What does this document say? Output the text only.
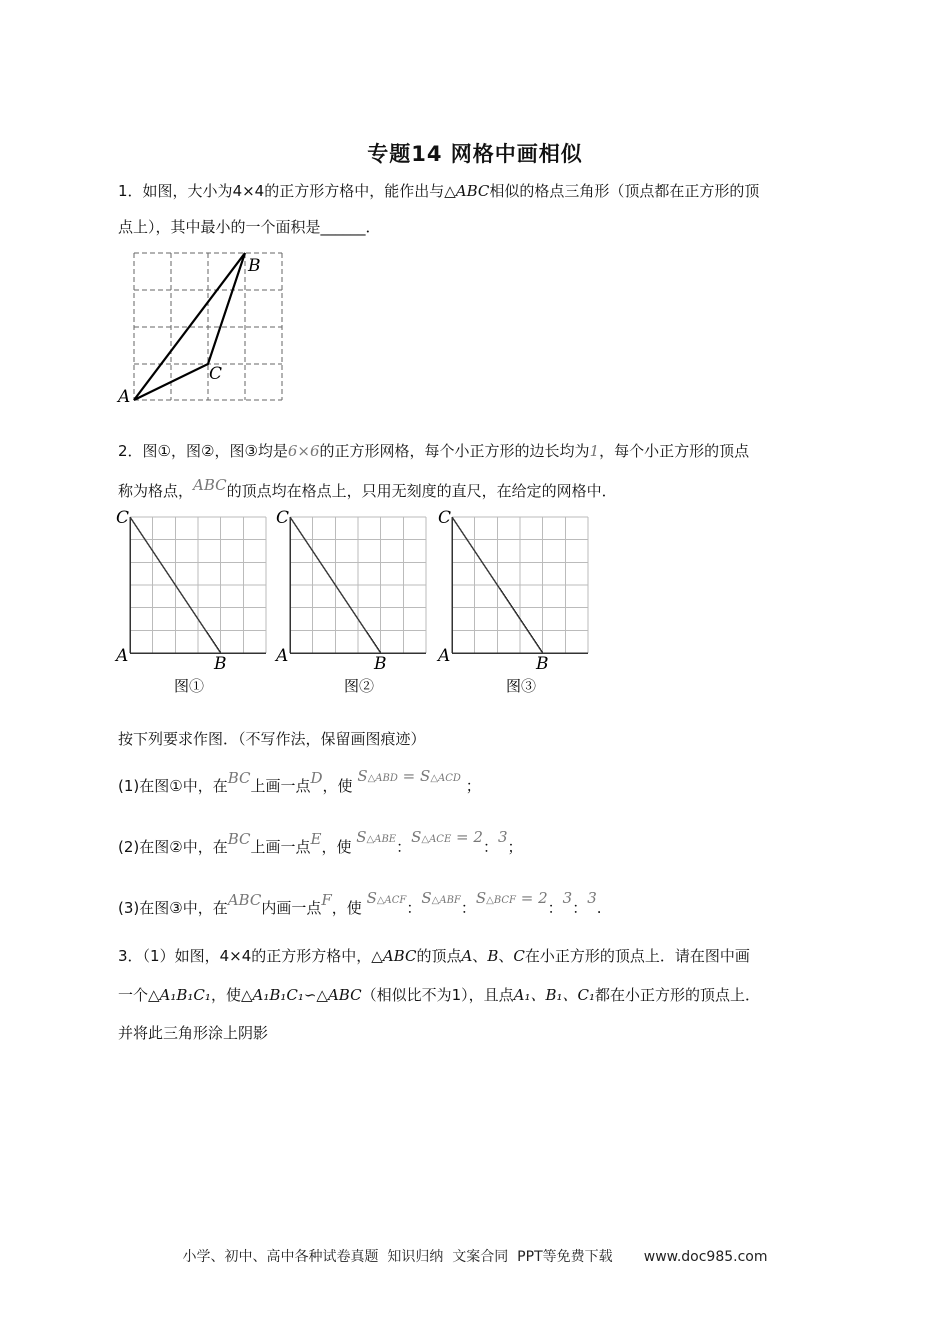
专题14 网格中画相似
1．如图，大小为4×4的正方形方格中，能作出与△ABC相似的格点三角形（顶点都在正方形的顶
点上），其中最小的一个面积是______．
A
B
C
2．图①，图②，图③均是6×6的正方形网格，每个小正方形的边长均为1，每个小正方形的顶点
称为格点，ABC的顶点均在格点上，只用无刻度的直尺，在给定的网格中．
C
A	B
图①
C
A	B
图②
C
A	B
图③
按下列要求作图．（不写作法，保留画图痕迹）
(1)在图①中，在BC上画一点D，使 S△ABD = S△ACD ；
(2)在图②中，在BC上画一点E，使 S△ABE：S△ACE = 2：3；
(3)在图③中，在ABC内画一点F，使 S△ACF：S△ABF：S△BCF = 2：3：3.
3．（1）如图，4×4的正方形方格中，△ABC的顶点A、B、C在小正方形的顶点上．请在图中画
一个△A₁B₁C₁，使△A₁B₁C₁∽△ABC（相似比不为1），且点A₁、B₁、C₁都在小正方形的顶点上．
并将此三角形涂上阴影
小学、初中、高中各种试卷真题  知识归纳  文案合同  PPT等免费下载       www.doc985.com
